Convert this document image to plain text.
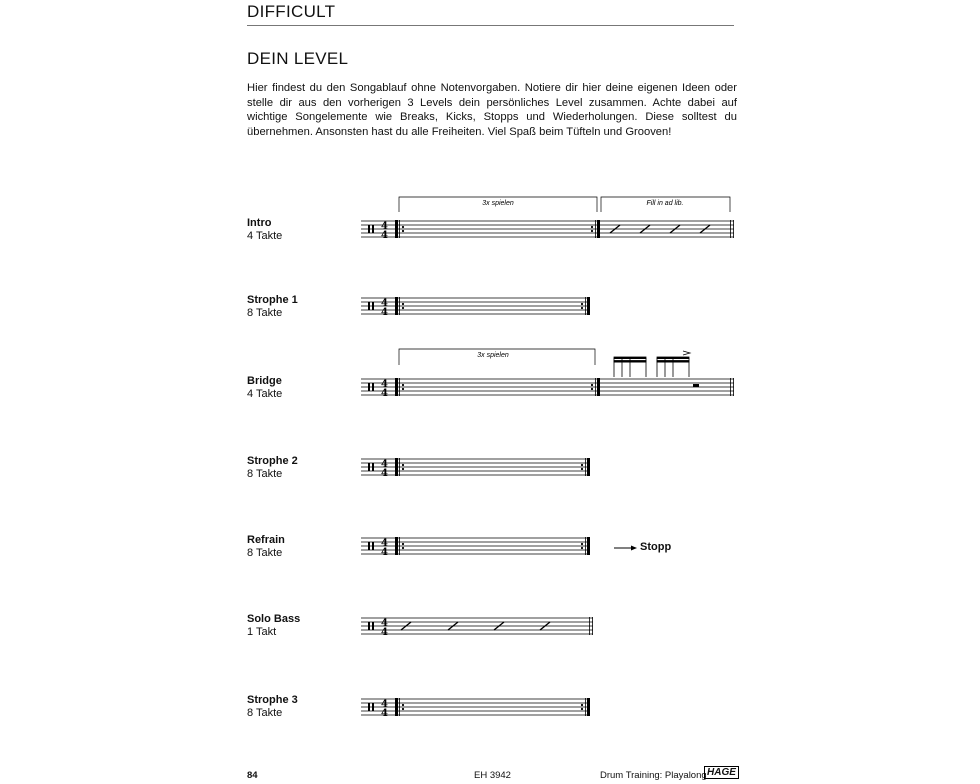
DIFFICULT
DEIN LEVEL
Hier findest du den Songablauf ohne Notenvorgaben. Notiere dir hier deine eigenen Ideen oder stelle dir aus den vorherigen 3 Levels dein persönliches Level zusammen. Achte dabei auf wichtige Songelemente wie Breaks, Kicks, Stopps und Wiederholungen. Diese solltest du übernehmen. Ansonsten hast du alle Freiheiten. Viel Spaß beim Tüfteln und Grooven!
Intro
4 Takte
Strophe 1
8 Takte
Bridge
4 Takte
Strophe 2
8 Takte
Refrain
8 Takte
Solo Bass
1 Takt
Strophe 3
8 Takte
4
4
3x spielen	Fill in ad lib.
4
4
4
4
3x spielen
4
4
4
4
4
4
4
4
Stopp
84	EH 3942	Drum Training: Playalong HAGE
